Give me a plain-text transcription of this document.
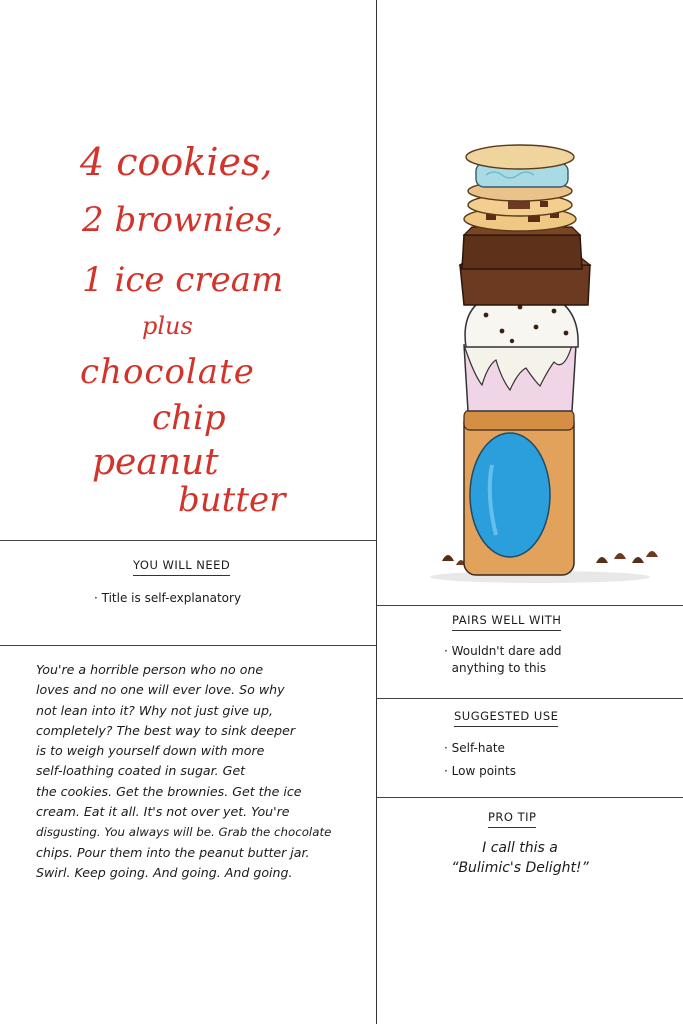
4 cookies,
2 brownies,
1 ice cream
plus
chocolate
chip
peanut
butter
YOU WILL NEED
· Title is self-explanatory
You're a horrible person who no one
loves and no one will ever love. So why
not lean into it? Why not just give up,
completely? The best way to sink deeper
is to weigh yourself down with more
self-loathing coated in sugar. Get
the cookies. Get the brownies. Get the ice
cream. Eat it all. It's not over yet. You're
disgusting. You always will be. Grab the chocolate
chips. Pour them into the peanut butter jar.
Swirl. Keep going. And going. And going.
PAIRS WELL WITH
· Wouldn't dare add
anything to this
SUGGESTED USE
· Self-hate
· Low points
PRO TIP
I call this a
“Bulimic's Delight!”
